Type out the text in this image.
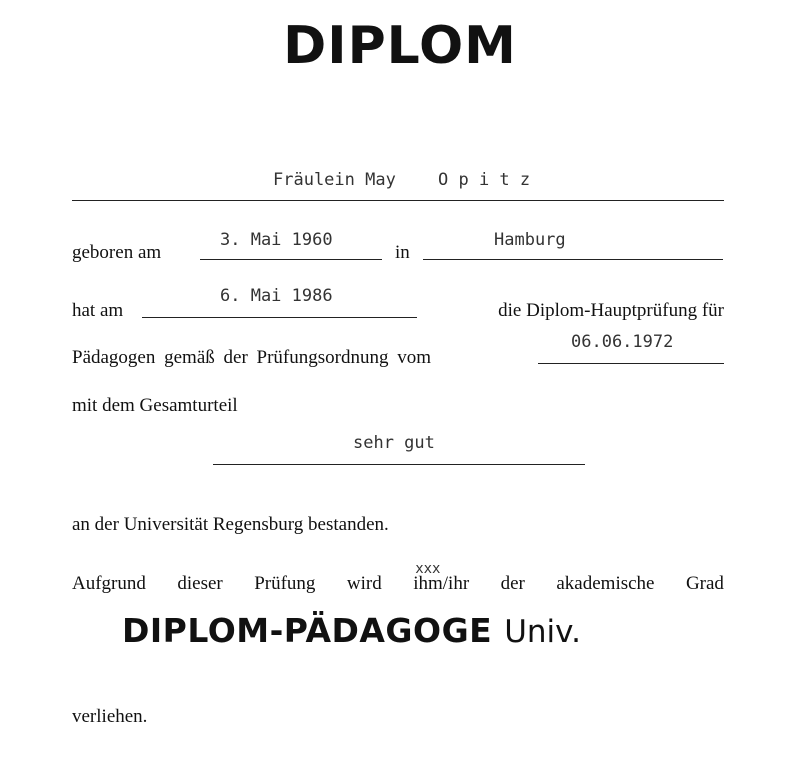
DIPLOM
Fräulein May O p i t z
geboren am
3. Mai 1960
in
Hamburg
hat am
6. Mai 1986
die Diplom-Hauptprüfung für
Pädagogen gemäß der Prüfungsordnung vom
06.06.1972
mit dem Gesamturteil
sehr gut
an der Universität Regensburg bestanden.
Aufgrund dieser Prüfung wird
xxx
ihm/ihr der akademische Grad
DIPLOM-PÄDAGOGE Univ.
verliehen.
